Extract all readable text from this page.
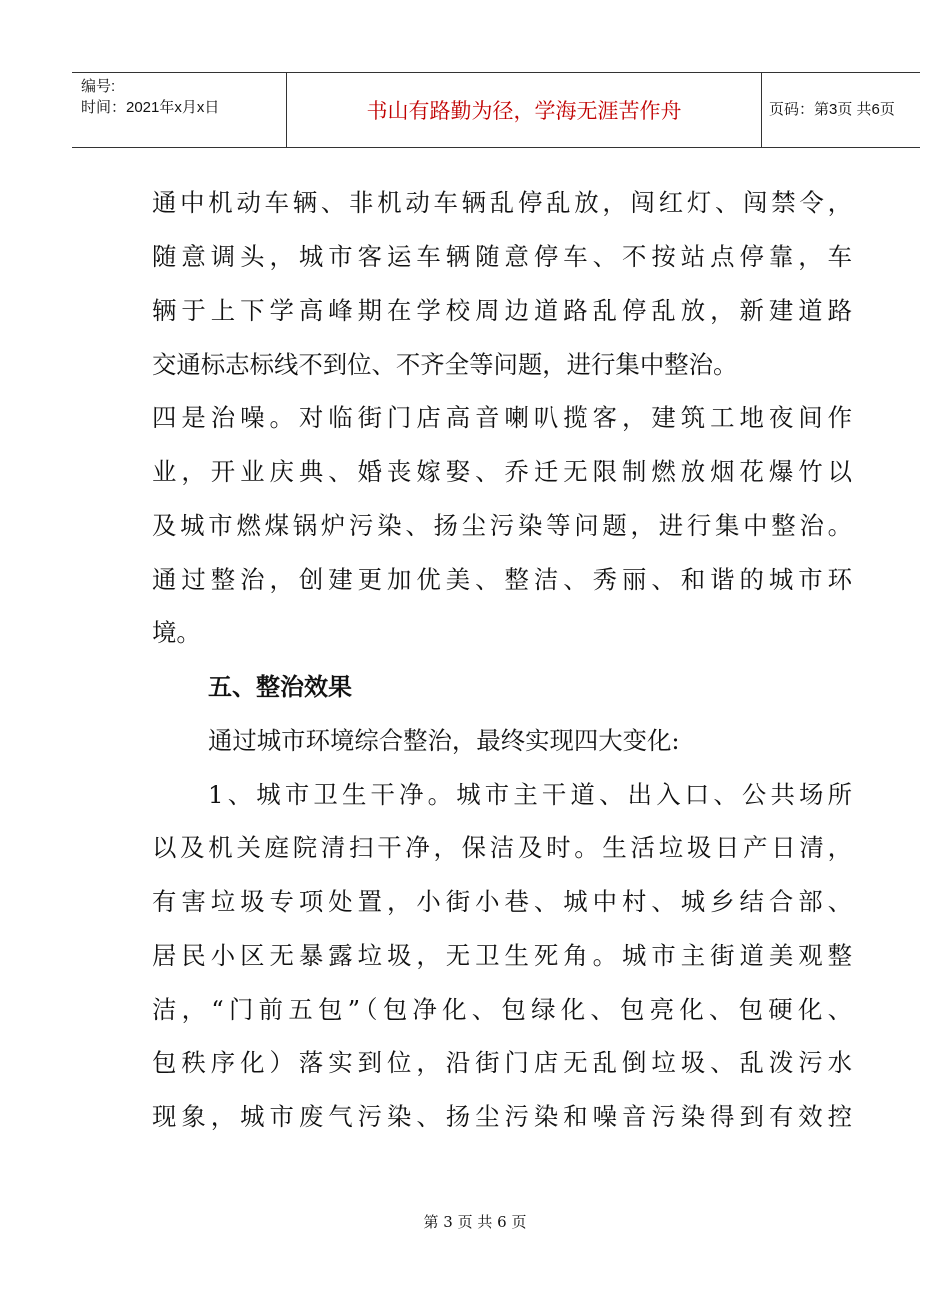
编号:
时间：2021年x月x日	书山有路勤为径，学海无涯苦作舟	页码：第3页 共6页

通中机动车辆、非机动车辆乱停乱放，闯红灯、闯禁令，

随意调头，城市客运车辆随意停车、不按站点停靠，车

辆于上下学高峰期在学校周边道路乱停乱放，新建道路

交通标志标线不到位、不齐全等问题，进行集中整治。

四是治噪。对临街门店高音喇叭揽客，建筑工地夜间作

业，开业庆典、婚丧嫁娶、乔迁无限制燃放烟花爆竹以

及城市燃煤锅炉污染、扬尘污染等问题，进行集中整治。

通过整治，创建更加优美、整洁、秀丽、和谐的城市环

境。

五、整治效果

通过城市环境综合整治，最终实现四大变化:

1、城市卫生干净。城市主干道、出入口、公共场所

以及机关庭院清扫干净，保洁及时。生活垃圾日产日清，

有害垃圾专项处置，小街小巷、城中村、城乡结合部、

居民小区无暴露垃圾，无卫生死角。城市主街道美观整

洁，“门前五包”（包净化、包绿化、包亮化、包硬化、

包秩序化）落实到位，沿街门店无乱倒垃圾、乱泼污水

现象，城市废气污染、扬尘污染和噪音污染得到有效控

第 3 页 共 6 页
